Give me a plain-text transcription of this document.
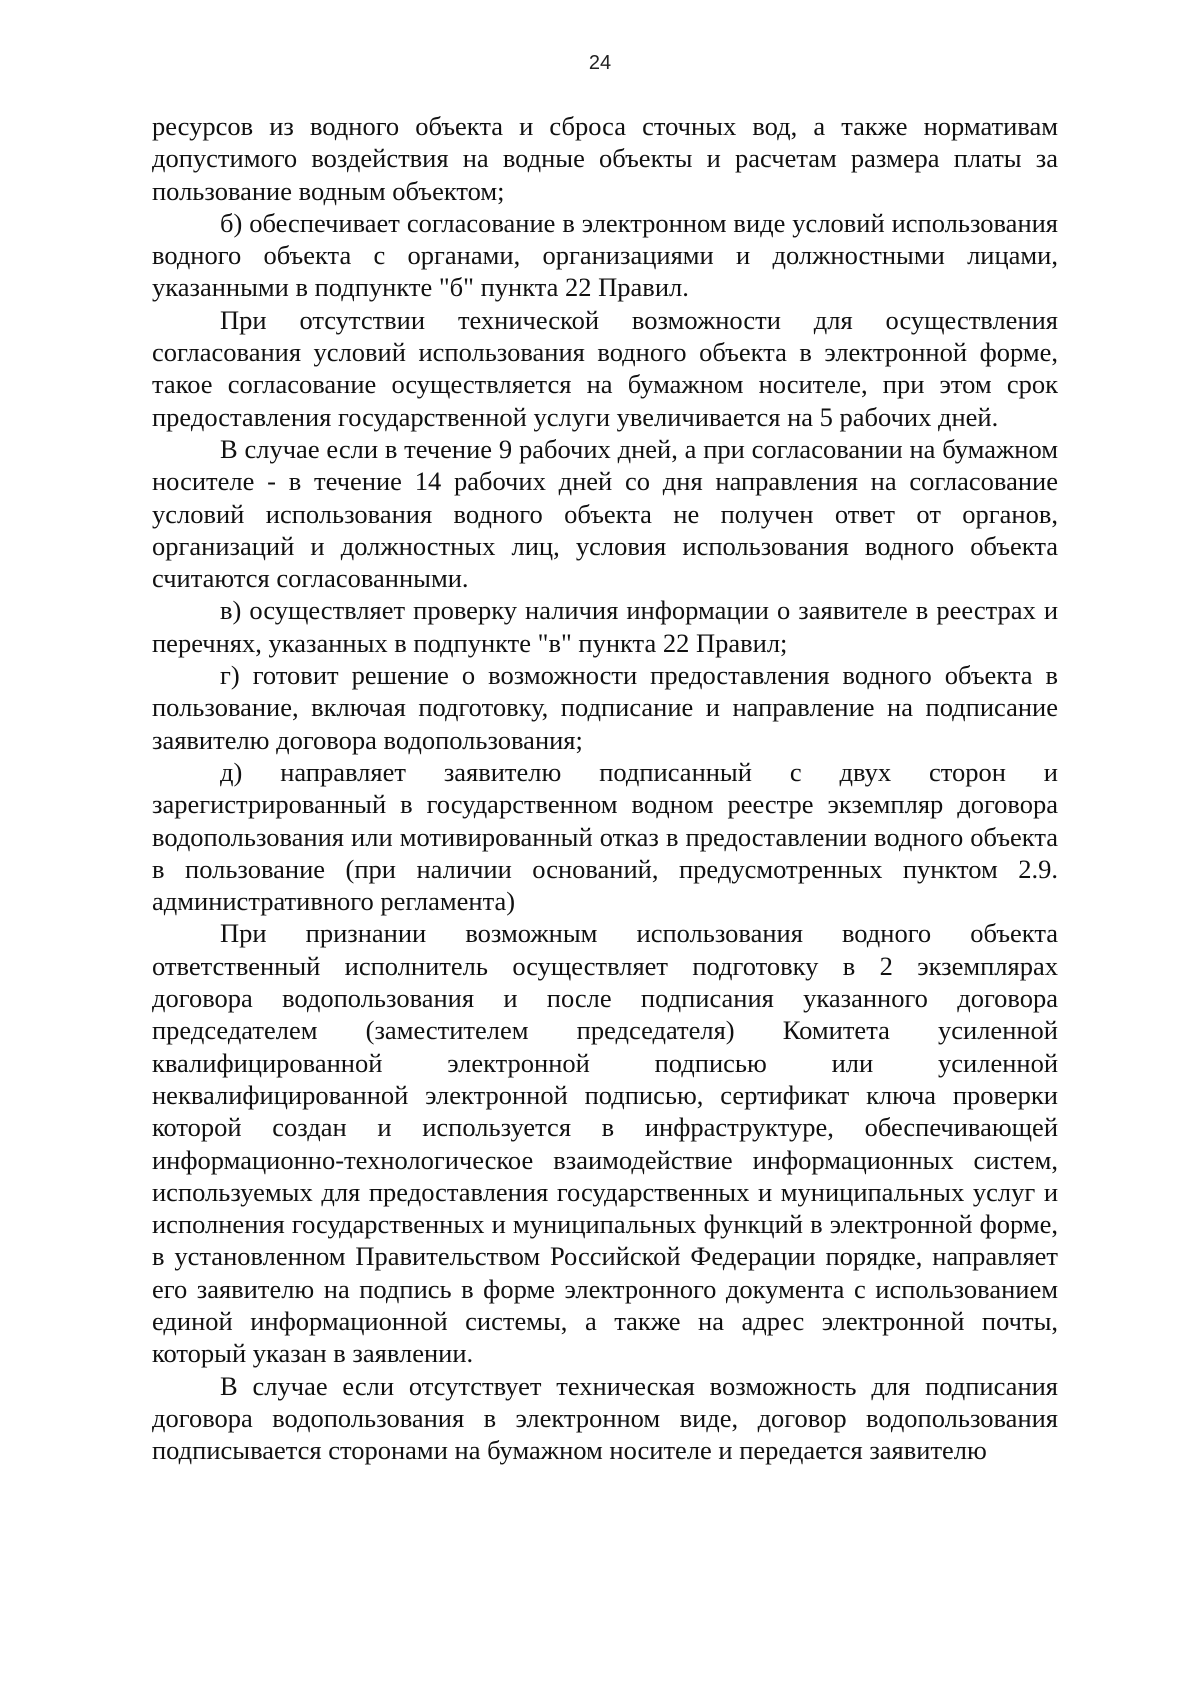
24

ресурсов из водного объекта и сброса сточных вод, а также нормативам допустимого воздействия на водные объекты и расчетам размера платы за пользование водным объектом;

б) обеспечивает согласование в электронном виде условий использования водного объекта с органами, организациями и должностными лицами, указанными в подпункте "б" пункта 22 Правил.

При отсутствии технической возможности для осуществления согласования условий использования водного объекта в электронной форме, такое согласование осуществляется на бумажном носителе, при этом срок предоставления государственной услуги увеличивается на 5 рабочих дней.

В случае если в течение 9 рабочих дней, а при согласовании на бумажном носителе - в течение 14 рабочих дней со дня направления на согласование условий использования водного объекта не получен ответ от органов, организаций и должностных лиц, условия использования водного объекта считаются согласованными.

в) осуществляет проверку наличия информации о заявителе в реестрах и перечнях, указанных в подпункте "в" пункта 22 Правил;

г) готовит решение о возможности предоставления водного объекта в пользование, включая подготовку, подписание и направление на подписание заявителю договора водопользования;

д) направляет заявителю подписанный с двух сторон и зарегистрированный в государственном водном реестре экземпляр договора водопользования или мотивированный отказ в предоставлении водного объекта в пользование (при наличии оснований, предусмотренных пунктом 2.9. административного регламента)

При признании возможным использования водного объекта ответственный исполнитель осуществляет подготовку в 2 экземплярах договора водопользования и после подписания указанного договора председателем (заместителем председателя) Комитета усиленной квалифицированной электронной подписью или усиленной неквалифицированной электронной подписью, сертификат ключа проверки которой создан и используется в инфраструктуре, обеспечивающей информационно-технологическое взаимодействие информационных систем, используемых для предоставления государственных и муниципальных услуг и исполнения государственных и муниципальных функций в электронной форме, в установленном Правительством Российской Федерации порядке, направляет его заявителю на подпись в форме электронного документа с использованием единой информационной системы, а также на адрес электронной почты, который указан в заявлении.

В случае если отсутствует техническая возможность для подписания договора водопользования в электронном виде, договор водопользования подписывается сторонами на бумажном носителе и передается заявителю
